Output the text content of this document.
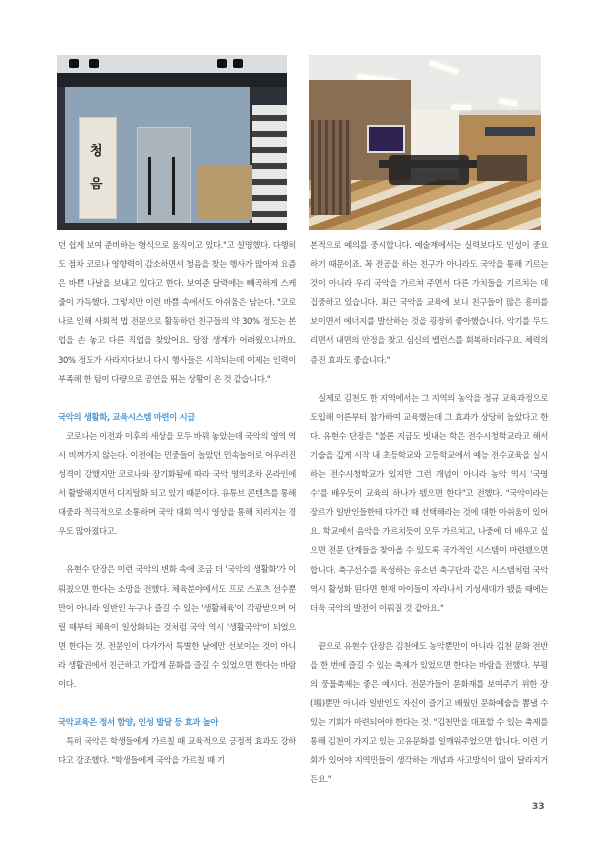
청
음

던 쉽게 보여 준비하는 형식으로 움직이고 있다."고 설명했다. 다행히도 점차 코로나 영향력이 감소하면서 청음을 찾는 행사가 많아져 요즘은 바쁜 나날을 보내고 있다고 한다. 보여준 달력에는 빼곡하게 스케줄이 가득했다. 그렇지만 이런 바쁨 속에서도 아쉬움은 남는다. "코로나로 인해 사회적 법 전문으로 활동하던 친구들의 약 30% 정도는 본업을 손 놓고 다른 직업을 찾았어요. 당장 생계가 어려웠으니까요. 30% 정도가 사라지다보니 다시 행사들은 시작되는데 이제는 인력이 부족해 한 팀이 다량으로 공연을 뛰는 상황이 온 것 같습니다."

국악의 생활화, 교육시스템 마련이 시급

코로나는 이전과 이후의 세상을 모두 바꿔 놓았는데 국악의 영역 역시 비껴가지 않는다. 이전에는 민중들이 놀았던 민속놀이로 어우러진 성격이 강했지만 코로나와 장기화됨에 따라 국악 영역조차 온라인에서 활발해지면서 디지털화 되고 있기 때문이다. 유튜브 콘텐츠를 통해 대중과 적극적으로 소통하며 국악 대회 역시 영상을 통해 치러지는 경우도 많아졌다고.

유현수 단장은 이런 국악의 변화 속에 조금 더 '국악의 생활화'가 이뤄졌으면 한다는 소망을 전했다. 체육분야에서도 프로 스포츠 선수뿐만이 아니라 일반인 누구나 즐길 수 있는 '생활체육'이 각광받으며 어릴 때부터 체육이 일상화되는 것처럼 국악 역시 '생활국악'이 되었으면 한다는 것. 전문인이 다가가서 특별한 날에만 선보이는 것이 아니라 생활권에서 친근하고 가깝게 문화를 즐길 수 있었으면 한다는 바람이다.

국악교육은 정서 함양, 인성 발달 등 효과 높아

특히 국악은 학생들에게 가르칠 때 교육적으로 긍정적 효과도 강하다고 강조했다. "학생들에게 국악을 가르칠 때 기

본적으로 예의를 중시합니다. 예술계에서는 실력보다도 인성이 중요하기 때문이죠. 꼭 전공을 하는 친구가 아니라도 국악을 통해 기르는 것이 아니라 우리 국악을 가르쳐 주면서 다른 가치들을 기르치는 데 집중하고 있습니다. 최근 국악을 교육에 보니 친구들이 많은 흥미를 보이면서 에너지를 발산하는 것을 굉장히 좋아했습니다. 악기를 두드리면서 내면의 안정을 찾고 심신의 밸런스를 회복하더라구요. 체력의 증진 효과도 좋습니다."

실제로 김천도 한 지역에서는 그 지역의 농악을 정규 교육과정으로 도입해 이른부터 참가하여 교육했는데 그 효과가 상당히 높았다고 한다. 유현수 단장은 "불론 지금도 빗내는 학은 전수시청학교라고 해서 기술을 깊게 시작 내 초등학교와 고등학교에서 예능 전수교육을 실시하는 전수시청학교가 있지만 그런 개념이 아니라 농악 역시 '국영수'를 배우듯이 교육의 하나가 됐으면 한다"고 전했다. "국악이라는 장르가 일반인들한테 다가간 때 선택해라는 것에 대한 아쉬움이 있어요. 학교에서 음악을 가르치듯이 모두 가르치고, 나중에 더 배우고 싶으면 전문 단계들을 찾아올 수 있도록 국가적인 시스템이 마련됐으면 합니다. 축구선수를 육성하는 유소년 축구단과 같은 시스템처럼 국악 역시 활성화 된다면 현재 아이들이 자라나서 기성세대가 됐을 때에는 더욱 국악의 발전이 이뤄질 것 같아요."

끝으로 유현수 단장은 김천에도 농악뿐만이 아니라 김천 문화 전반을 한 번에 즐길 수 있는 축제가 있었으면 한다는 바람을 전했다. 부평의 풍물축제는 좋은 예시다. 전문가들이 문화재를 보여주기 위한 장(場)뿐만 아니라 일반인도 자신이 즐기고 배웠던 문화예술을 뽐낼 수 있는 기회가 마련되어야 한다는 것. "김천만을 대표할 수 있는 축제를 통해 김천이 가지고 있는 고유문화를 일깨워주었으면 합니다. 이런 기회가 있어야 지역민들이 생각하는 개념과 사고방식이 많이 달라지거든요."

33
